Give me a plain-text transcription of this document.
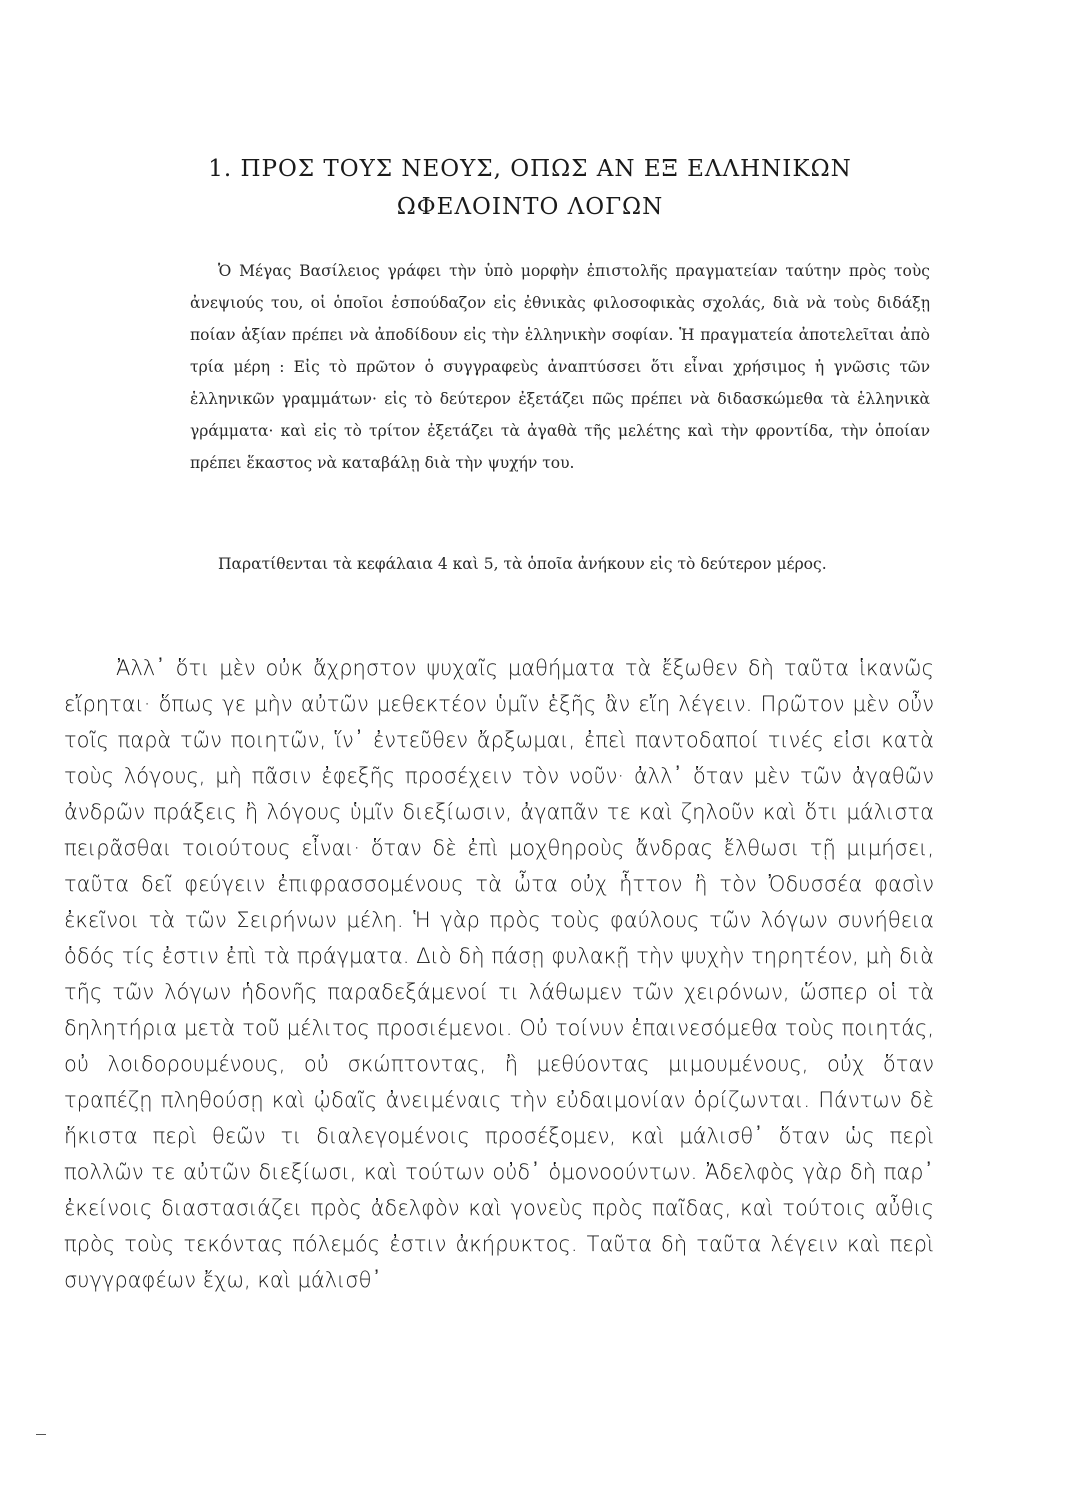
1. ΠΡΟΣ ΤΟΥΣ ΝΕΟΥΣ, ΟΠΩΣ ΑΝ ΕΞ ΕΛΛΗΝΙΚΩΝ
ΩΦΕΛΟΙΝΤΟ ΛΟΓΩΝ

Ὁ Μέγας Βασίλειος γράφει τὴν ὑπὸ μορφὴν ἐπιστολῆς πραγματείαν ταύτην πρὸς τοὺς ἀνεψιούς του, οἱ ὁποῖοι ἐσπούδαζον εἰς ἐθνικὰς φιλοσοφικὰς σχολάς, διὰ νὰ τοὺς διδάξῃ ποίαν ἀξίαν πρέπει νὰ ἀποδίδουν εἰς τὴν ἑλληνικὴν σοφίαν. Ἡ πραγματεία ἀποτελεῖται ἀπὸ τρία μέρη : Εἰς τὸ πρῶτον ὁ συγγραφεὺς ἀναπτύσσει ὅτι εἶναι χρήσιμος ἡ γνῶσις τῶν ἑλληνικῶν γραμμάτων· εἰς τὸ δεύτερον ἐξετάζει πῶς πρέπει νὰ διδασκώμεθα τὰ ἑλληνικὰ γράμματα· καὶ εἰς τὸ τρίτον ἐξετάζει τὰ ἀγαθὰ τῆς μελέτης καὶ τὴν φροντίδα, τὴν ὁποίαν πρέπει ἕκαστος νὰ καταβάλῃ διὰ τὴν ψυχήν του.

Παρατίθενται τὰ κεφάλαια 4 καὶ 5, τὰ ὁποῖα ἀνήκουν εἰς τὸ δεύτερον μέρος.

Ἀλλ᾽ ὅτι μὲν οὐκ ἄχρηστον ψυχαῖς μαθήματα τὰ ἔξωθεν δὴ ταῦτα ἱκανῶς εἴρηται· ὅπως γε μὴν αὐτῶν μεθεκτέον ὑμῖν ἑξῆς ἂν εἴη λέγειν. Πρῶτον μὲν οὖν τοῖς παρὰ τῶν ποιητῶν, ἵν᾽ ἐντεῦθεν ἄρξωμαι, ἐπεὶ παντοδαποί τινές εἰσι κατὰ τοὺς λόγους, μὴ πᾶσιν ἐφεξῆς προσέχειν τὸν νοῦν· ἀλλ᾽ ὅταν μὲν τῶν ἀγαθῶν ἀνδρῶν πράξεις ἢ λόγους ὑμῖν διεξίωσιν, ἀγαπᾶν τε καὶ ζηλοῦν καὶ ὅτι μάλιστα πειρᾶσθαι τοιούτους εἶναι· ὅταν δὲ ἐπὶ μοχθηροὺς ἄνδρας ἔλθωσι τῇ μιμήσει, ταῦτα δεῖ φεύγειν ἐπιφρασσομένους τὰ ὦτα οὐχ ἧττον ἢ τὸν Ὀδυσσέα φασὶν ἐκεῖνοι τὰ τῶν Σειρήνων μέλη. Ἡ γὰρ πρὸς τοὺς φαύλους τῶν λόγων συνήθεια ὁδός τίς ἐστιν ἐπὶ τὰ πράγματα. Διὸ δὴ πάσῃ φυλακῇ τὴν ψυχὴν τηρητέον, μὴ διὰ τῆς τῶν λόγων ἡδονῆς παραδεξάμενοί τι λάθωμεν τῶν χειρόνων, ὥσπερ οἱ τὰ δηλητήρια μετὰ τοῦ μέλιτος προσιέμενοι. Οὐ τοίνυν ἐπαινεσόμεθα τοὺς ποιητάς, οὐ λοιδορουμένους, οὐ σκώπτοντας, ἢ μεθύοντας μιμουμένους, οὐχ ὅταν τραπέζῃ πληθούσῃ καὶ ᾠδαῖς ἀνειμέναις τὴν εὐδαιμονίαν ὁρίζωνται. Πάντων δὲ ἥκιστα περὶ θεῶν τι διαλεγομένοις προσέξομεν, καὶ μάλισθ᾽ ὅταν ὡς περὶ πολλῶν τε αὐτῶν διεξίωσι, καὶ τούτων οὐδ᾽ ὁμονοούντων. Ἀδελφὸς γὰρ δὴ παρ᾽ ἐκείνοις διαστασιάζει πρὸς ἀδελφὸν καὶ γονεὺς πρὸς παῖδας, καὶ τούτοις αὖθις πρὸς τοὺς τεκόντας πόλεμός ἐστιν ἀκήρυκτος. Ταῦτα δὴ ταῦτα λέγειν καὶ περὶ συγγραφέων ἔχω, καὶ μάλισθ᾽
